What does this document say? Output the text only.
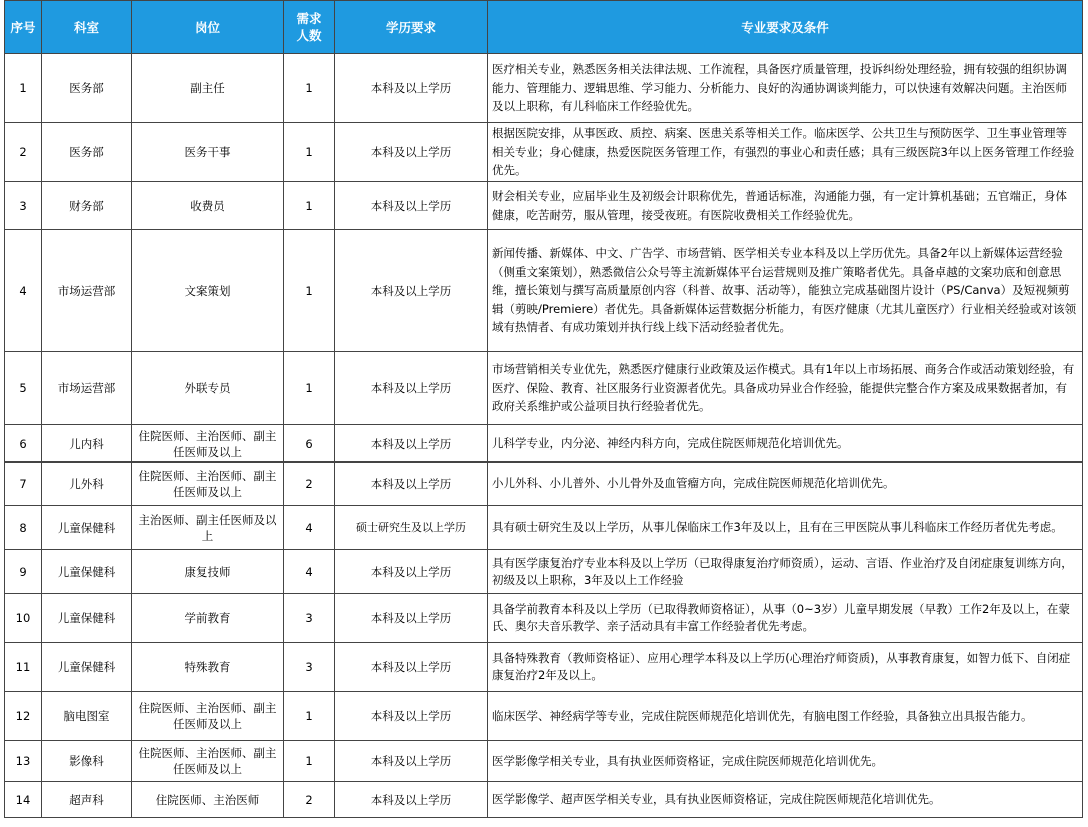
序号	科室	岗位	需求人数	学历要求	专业要求及条件
1	医务部	副主任	1	本科及以上学历	医疗相关专业，熟悉医务相关法律法规、工作流程，具备医疗质量管理，投诉纠纷处理经验，拥有较强的组织协调能力、管理能力、逻辑思维、学习能力、分析能力、良好的沟通协调谈判能力，可以快速有效解决问题。主治医师及以上职称，有儿科临床工作经验优先。
2	医务部	医务干事	1	本科及以上学历	根据医院安排，从事医政、质控、病案、医患关系等相关工作。临床医学、公共卫生与预防医学、卫生事业管理等相关专业；身心健康，热爱医院医务管理工作，有强烈的事业心和责任感；具有三级医院3年以上医务管理工作经验优先。
3	财务部	收费员	1	本科及以上学历	财会相关专业，应届毕业生及初级会计职称优先，普通话标准，沟通能力强，有一定计算机基础；五官端正，身体健康，吃苦耐劳，服从管理，接受夜班。有医院收费相关工作经验优先。
4	市场运营部	文案策划	1	本科及以上学历	新闻传播、新媒体、中文、广告学、市场营销、医学相关专业本科及以上学历优先。具备2年以上新媒体运营经验（侧重文案策划），熟悉微信公众号等主流新媒体平台运营规则及推广策略者优先。具备卓越的文案功底和创意思维，擅长策划与撰写高质量原创内容（科普、故事、活动等），能独立完成基础图片设计（PS/Canva）及短视频剪辑（剪映/Premiere）者优先。具备新媒体运营数据分析能力，有医疗健康（尤其儿童医疗）行业相关经验或对该领域有热情者、有成功策划并执行线上线下活动经验者优先。
5	市场运营部	外联专员	1	本科及以上学历	市场营销相关专业优先，熟悉医疗健康行业政策及运作模式。具有1年以上市场拓展、商务合作或活动策划经验，有医疗、保险、教育、社区服务行业资源者优先。具备成功异业合作经验，能提供完整合作方案及成果数据者加，有政府关系维护或公益项目执行经验者优先。
6	儿内科	住院医师、主治医师、副主任医师及以上	6	本科及以上学历	儿科学专业，内分泌、神经内科方向，完成住院医师规范化培训优先。
7	儿外科	住院医师、主治医师、副主任医师及以上	2	本科及以上学历	小儿外科、小儿普外、小儿骨外及血管瘤方向，完成住院医师规范化培训优先。
8	儿童保健科	主治医师、副主任医师及以上	4	硕士研究生及以上学历	具有硕士研究生及以上学历，从事儿保临床工作3年及以上，且有在三甲医院从事儿科临床工作经历者优先考虑。
9	儿童保健科	康复技师	4	本科及以上学历	具有医学康复治疗专业本科及以上学历（已取得康复治疗师资质），运动、言语、作业治疗及自闭症康复训练方向，初级及以上职称，3年及以上工作经验
10	儿童保健科	学前教育	3	本科及以上学历	具备学前教育本科及以上学历（已取得教师资格证），从事（0~3岁）儿童早期发展（早教）工作2年及以上，在蒙氏、奥尔夫音乐教学、亲子活动具有丰富工作经验者优先考虑。
11	儿童保健科	特殊教育	3	本科及以上学历	具备特殊教育（教师资格证）、应用心理学本科及以上学历(心理治疗师资质)，从事教育康复，如智力低下、自闭症康复治疗2年及以上。
12	脑电图室	住院医师、主治医师、副主任医师及以上	1	本科及以上学历	临床医学、神经病学等专业，完成住院医师规范化培训优先，有脑电图工作经验，具备独立出具报告能力。
13	影像科	住院医师、主治医师、副主任医师及以上	1	本科及以上学历	医学影像学相关专业，具有执业医师资格证，完成住院医师规范化培训优先。
14	超声科	住院医师、主治医师	2	本科及以上学历	医学影像学、超声医学相关专业，具有执业医师资格证，完成住院医师规范化培训优先。
